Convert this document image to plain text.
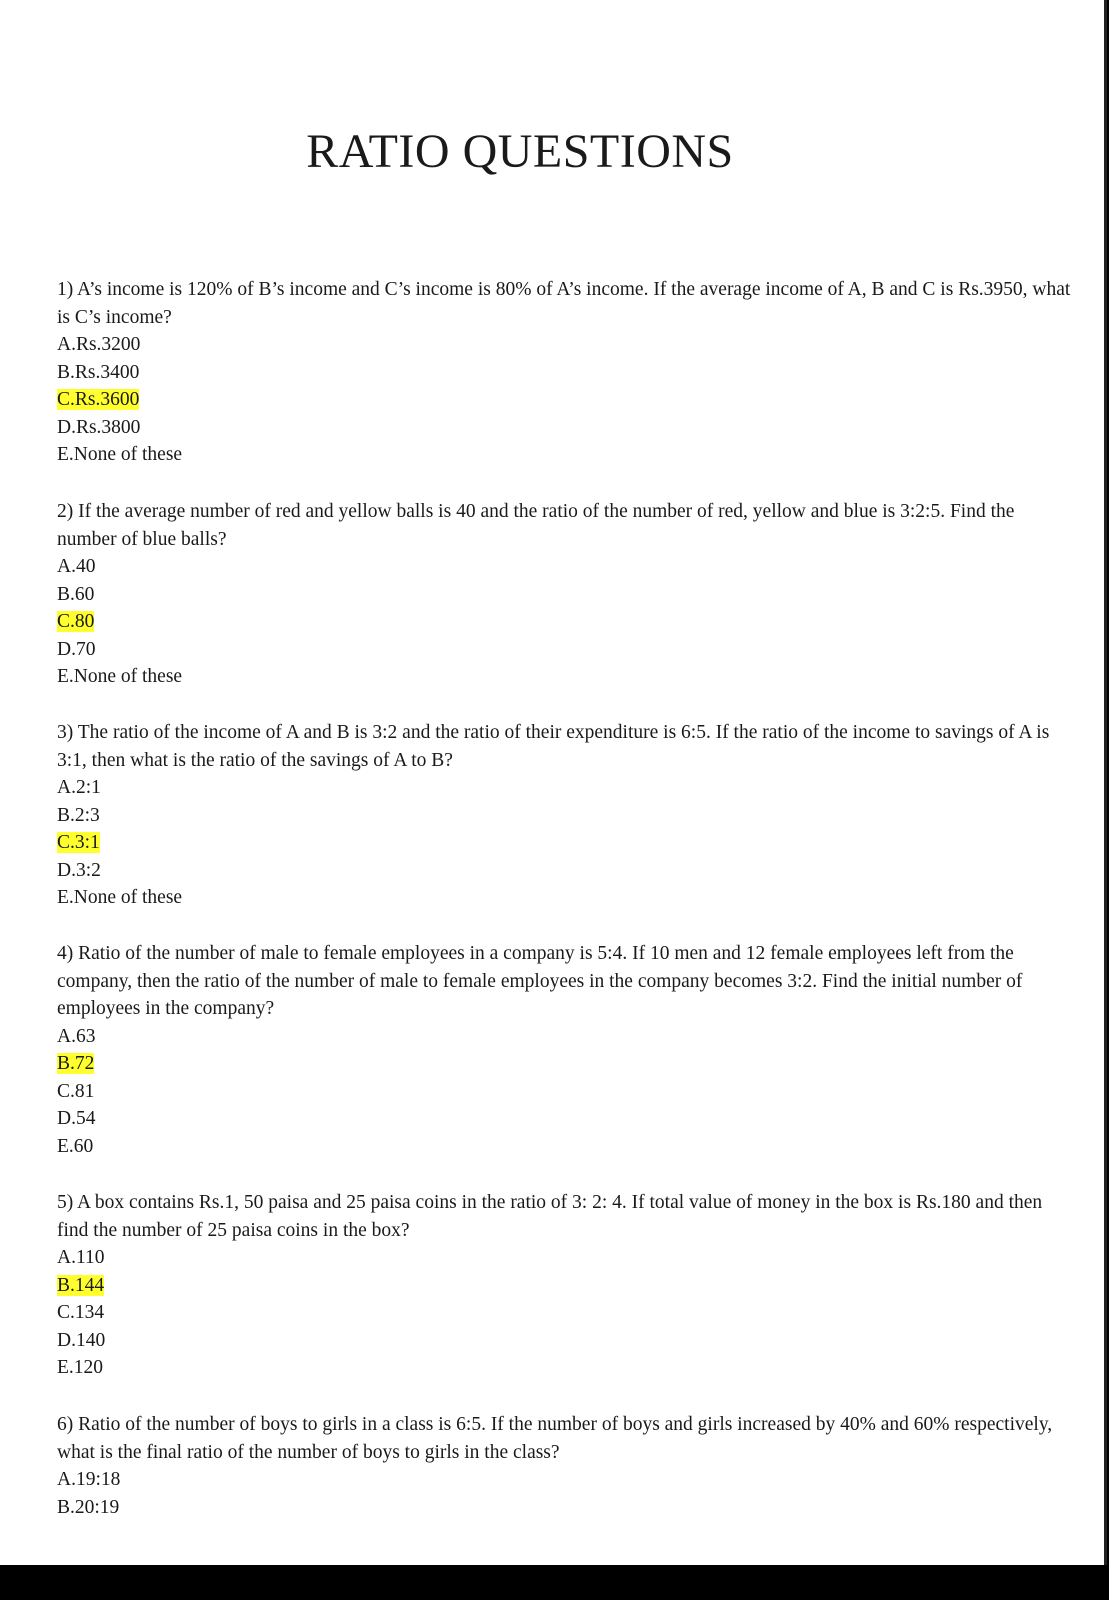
RATIO QUESTIONS

1) A’s income is 120% of B’s income and C’s income is 80% of A’s income. If the average income of A, B and C is Rs.3950, what is C’s income?

A.Rs.3200
B.Rs.3400
C.Rs.3600
D.Rs.3800
E.None of these

2) If the average number of red and yellow balls is 40 and the ratio of the number of red, yellow and blue is 3:2:5. Find the number of blue balls?

A.40
B.60
C.80
D.70
E.None of these

3) The ratio of the income of A and B is 3:2 and the ratio of their expenditure is 6:5. If the ratio of the income to savings of A is 3:1, then what is the ratio of the savings of A to B?

A.2:1
B.2:3
C.3:1
D.3:2
E.None of these

4) Ratio of the number of male to female employees in a company is 5:4. If 10 men and 12 female employees left from the company, then the ratio of the number of male to female employees in the company becomes 3:2. Find the initial number of employees in the company?

A.63
B.72
C.81
D.54
E.60

5) A box contains Rs.1, 50 paisa and 25 paisa coins in the ratio of 3: 2: 4. If total value of money in the box is Rs.180 and then find the number of 25 paisa coins in the box?

A.110
B.144
C.134
D.140
E.120

6) Ratio of the number of boys to girls in a class is 6:5. If the number of boys and girls increased by 40% and 60% respectively, what is the final ratio of the number of boys to girls in the class?

A.19:18
B.20:19
